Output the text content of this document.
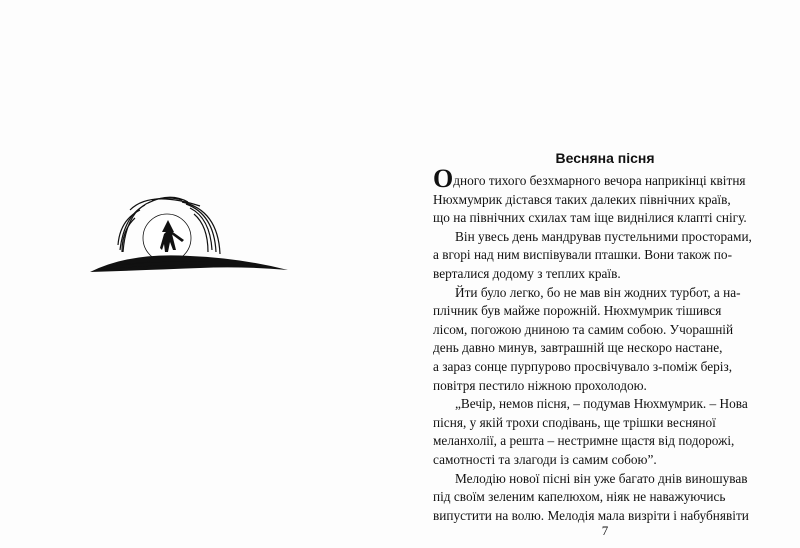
Весняна пісня

Одного тихого безхмарного вечора наприкінці квітня
Нюхмумрик дістався таких далеких північних країв,
що на північних схилах там іще виднілися клапті снігу.

Він увесь день мандрував пустельними просторами,
а вгорі над ним виспівували пташки. Вони також по-
верталися додому з теплих країв.

Йти було легко, бо не мав він жодних турбот, а на-
плічник був майже порожній. Нюхмумрик тішився
лісом, погожою днинoю та самим собою. Учорашній
день давно минув, завтрашній ще нескоро настане,
а зараз сонце пурпурово просвічувало з-поміж беріз,
повітря пестило ніжною прохолодою.

„Вечір, немов пісня, – подумав Нюхмумрик. – Нова
пісня, у якій трохи сподівань, ще трішки весняної
меланхолії, а решта – нестримне щастя від подорожі,
самотності та злагоди із самим собою”.

Мелодію нової пісні він уже багато днів виношував
під своїм зеленим капелюхом, ніяк не наважуючись
випустити на волю. Мелодія мала визріти і набубнявіти

7
